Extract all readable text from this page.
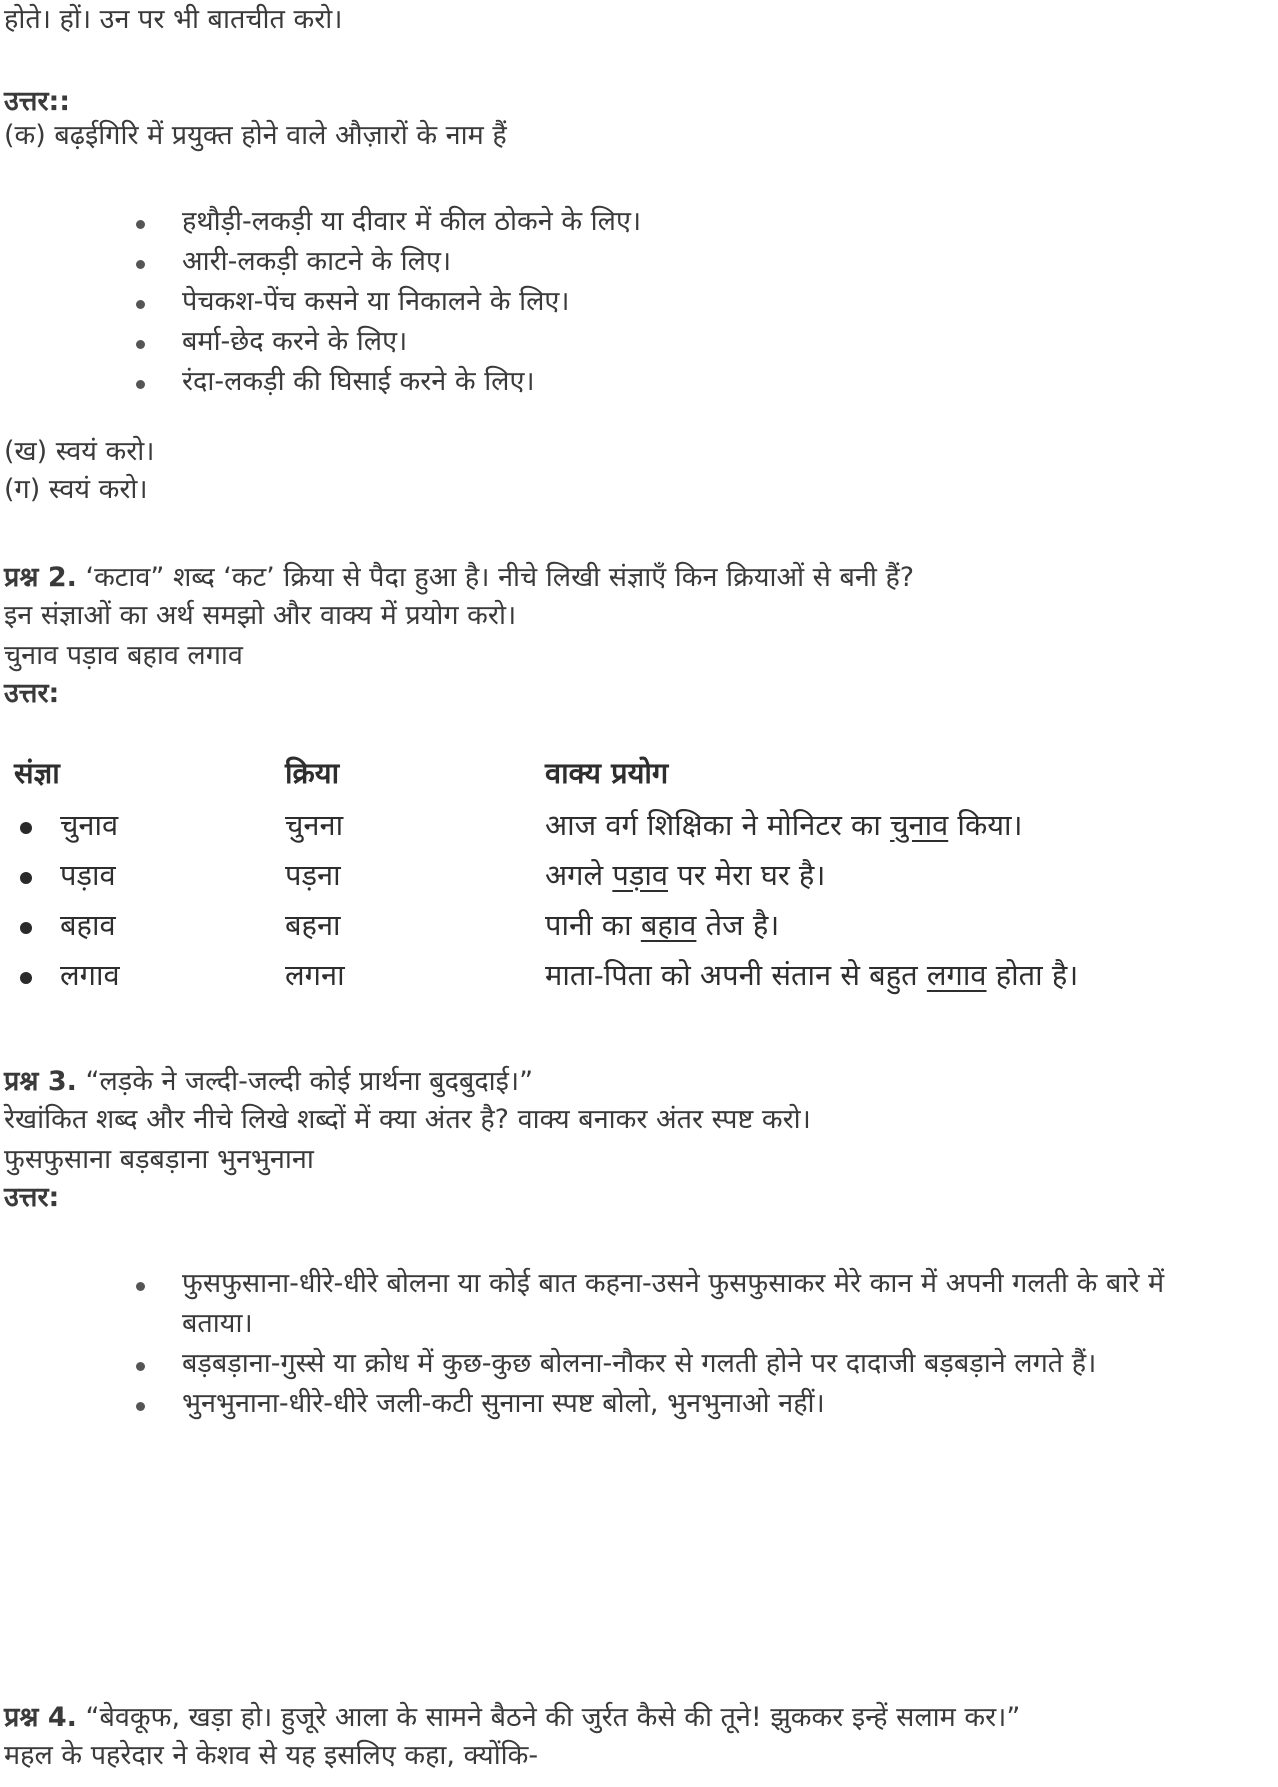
होते। हों। उन पर भी बातचीत करो।
उत्तर::
(क) बढ़ईगिरि में प्रयुक्त होने वाले औज़ारों के नाम हैं
हथौड़ी-लकड़ी या दीवार में कील ठोकने के लिए।
आरी-लकड़ी काटने के लिए।
पेचकश-पेंच कसने या निकालने के लिए।
बर्मा-छेद करने के लिए।
रंदा-लकड़ी की घिसाई करने के लिए।
(ख) स्वयं करो।
(ग) स्वयं करो।
प्रश्न 2. ‘कटाव” शब्द ‘कट’ क्रिया से पैदा हुआ है। नीचे लिखी संज्ञाएँ किन क्रियाओं से बनी हैं?
इन संज्ञाओं का अर्थ समझो और वाक्य में प्रयोग करो।
चुनाव पड़ाव बहाव लगाव
उत्तर:
संज्ञा	क्रिया	वाक्य प्रयोग
चुनाव	चुनना	आज वर्ग शिक्षिका ने मोनिटर का चुनाव किया।
पड़ाव	पड़ना	अगले पड़ाव पर मेरा घर है।
बहाव	बहना	पानी का बहाव तेज है।
लगाव	लगना	माता-पिता को अपनी संतान से बहुत लगाव होता है।
प्रश्न 3. “लड़के ने जल्दी-जल्दी कोई प्रार्थना बुदबुदाई।”
रेखांकित शब्द और नीचे लिखे शब्दों में क्या अंतर है? वाक्य बनाकर अंतर स्पष्ट करो।
फुसफुसाना बड़बड़ाना भुनभुनाना
उत्तर:
फुसफुसाना-धीरे-धीरे बोलना या कोई बात कहना-उसने फुसफुसाकर मेरे कान में अपनी गलती के बारे में बताया।
बड़बड़ाना-गुस्से या क्रोध में कुछ-कुछ बोलना-नौकर से गलती होने पर दादाजी बड़बड़ाने लगते हैं।
भुनभुनाना-धीरे-धीरे जली-कटी सुनाना स्पष्ट बोलो, भुनभुनाओ नहीं।
प्रश्न 4. “बेवकूफ, खड़ा हो। हुजूरे आला के सामने बैठने की जुर्रत कैसे की तूने! झुककर इन्हें सलाम कर।”
महल के पहरेदार ने केशव से यह इसलिए कहा, क्योंकि-
